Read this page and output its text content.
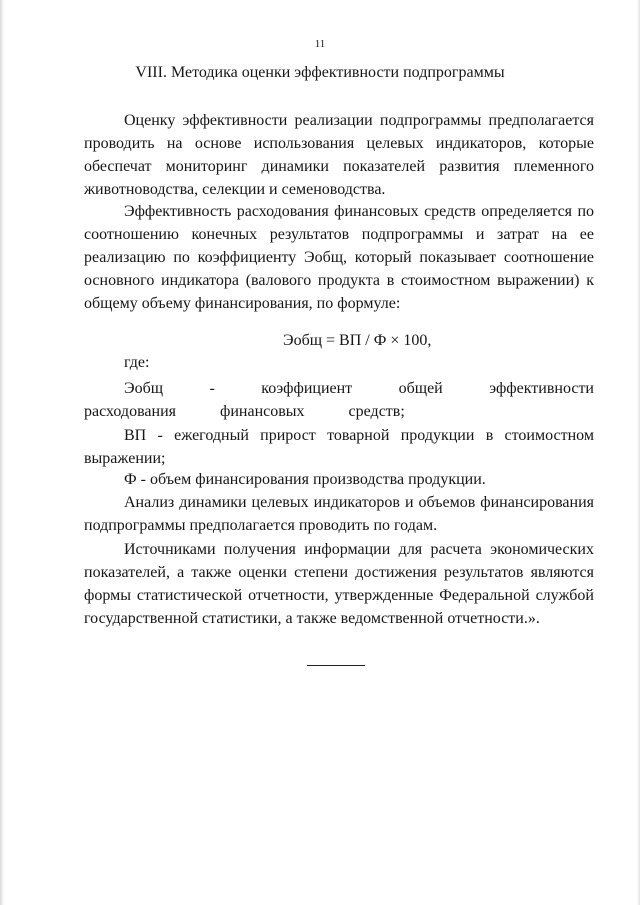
11
VIII. Методика оценки эффективности подпрограммы

Оценку эффективности реализации подпрограммы предполагается проводить на основе использования целевых индикаторов, которые обеспечат мониторинг динамики показателей развития племенного животноводства, селекции и семеноводства.

Эффективность расходования финансовых средств определяется по соотношению конечных результатов подпрограммы и затрат на ее реализацию по коэффициенту Эобщ, который показывает соотношение основного индикатора (валового продукта в стоимостном выражении) к общему объему финансирования, по формуле:

Эобщ = ВП / Ф × 100,
где:

Эобщ - коэффициент общей эффективности расходования финансовых средств;

ВП - ежегодный прирост товарной продукции в стоимостном выражении;

Ф - объем финансирования производства продукции.

Анализ динамики целевых индикаторов и объемов финансирования подпрограммы предполагается проводить по годам.

Источниками получения информации для расчета экономических показателей, а также оценки степени достижения результатов являются формы статистической отчетности, утвержденные Федеральной службой государственной статистики, а также ведомственной отчетности.».
